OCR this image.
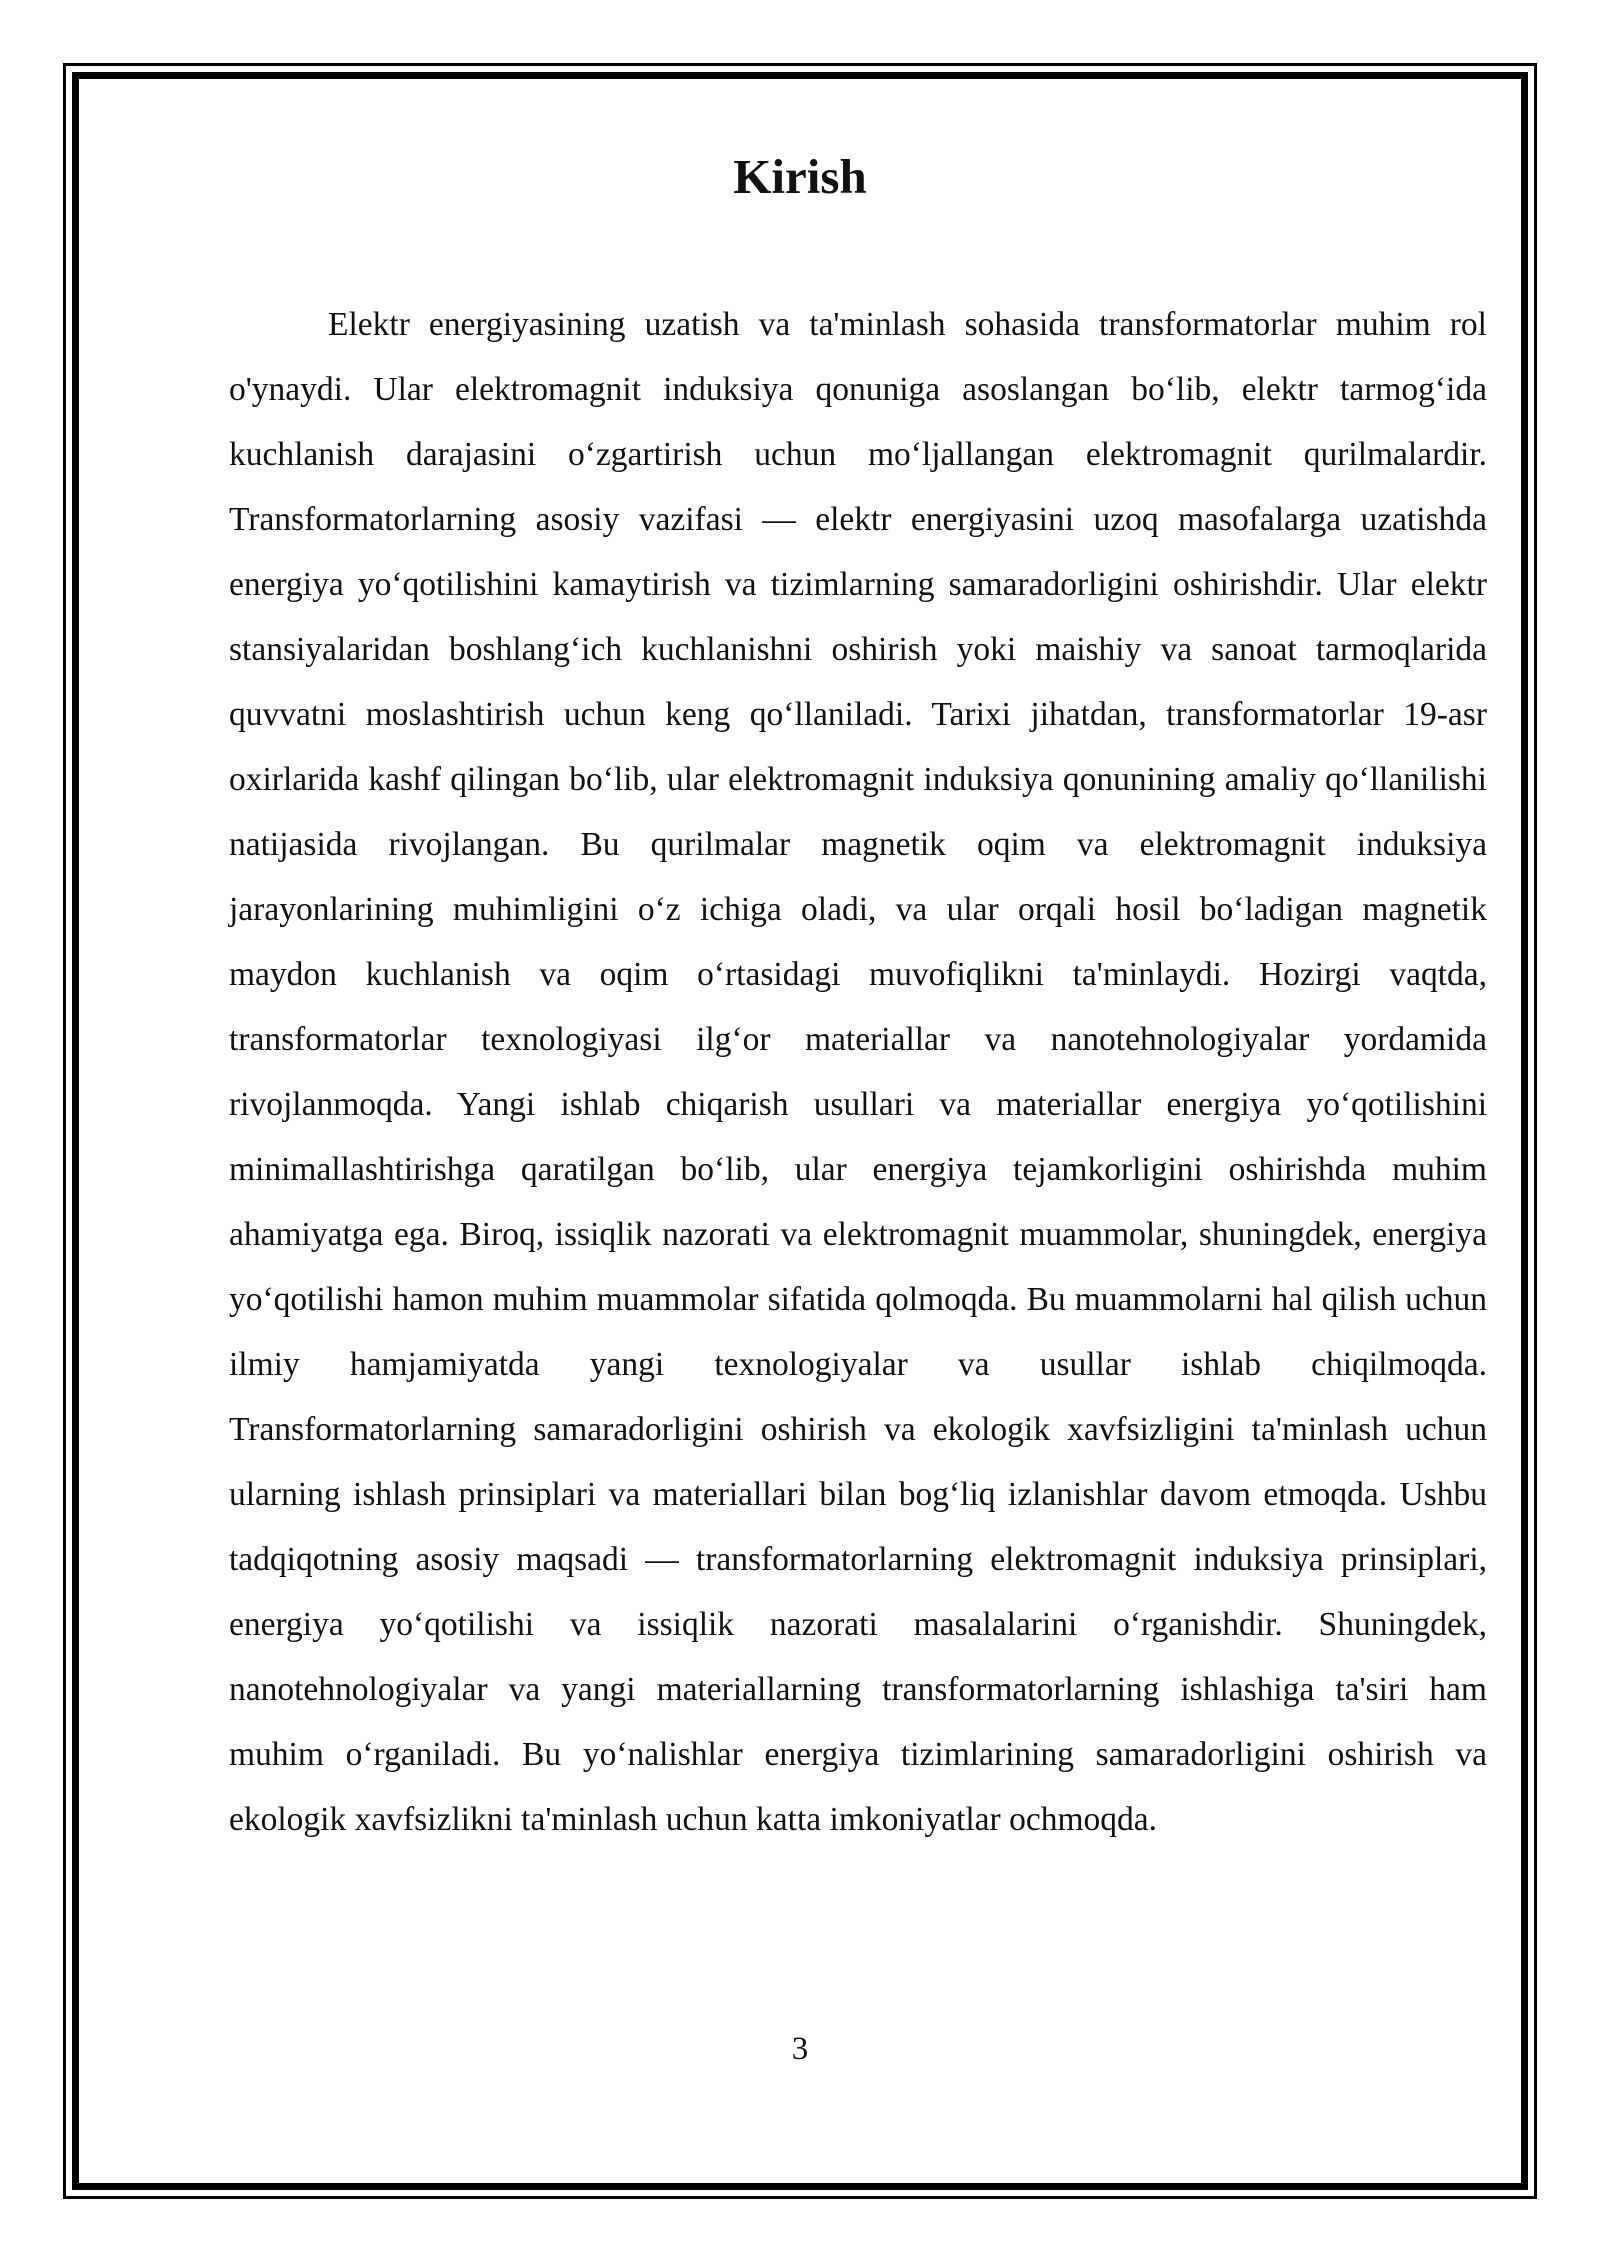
Kirish

Elektr energiyasining uzatish va ta'minlash sohasida transformatorlar muhim rol o'ynaydi. Ular elektromagnit induksiya qonuniga asoslangan bo‘lib, elektr tarmog‘ida kuchlanish darajasini o‘zgartirish uchun mo‘ljallangan elektromagnit qurilmalardir. Transformatorlarning asosiy vazifasi — elektr energiyasini uzoq masofalarga uzatishda energiya yo‘qotilishini kamaytirish va tizimlarning samaradorligini oshirishdir. Ular elektr stansiyalaridan boshlang‘ich kuchlanishni oshirish yoki maishiy va sanoat tarmoqlarida quvvatni moslashtirish uchun keng qo‘llaniladi. Tarixi jihatdan, transformatorlar 19-asr oxirlarida kashf qilingan bo‘lib, ular elektromagnit induksiya qonunining amaliy qo‘llanilishi natijasida rivojlangan. Bu qurilmalar magnetik oqim va elektromagnit induksiya jarayonlarining muhimligini o‘z ichiga oladi, va ular orqali hosil bo‘ladigan magnetik maydon kuchlanish va oqim o‘rtasidagi muvofiqlikni ta'minlaydi. Hozirgi vaqtda, transformatorlar texnologiyasi ilg‘or materiallar va nanotehnologiyalar yordamida rivojlanmoqda. Yangi ishlab chiqarish usullari va materiallar energiya yo‘qotilishini minimallashtirishga qaratilgan bo‘lib, ular energiya tejamkorligini oshirishda muhim ahamiyatga ega. Biroq, issiqlik nazorati va elektromagnit muammolar, shuningdek, energiya yo‘qotilishi hamon muhim muammolar sifatida qolmoqda. Bu muammolarni hal qilish uchun ilmiy hamjamiyatda yangi texnologiyalar va usullar ishlab chiqilmoqda. Transformatorlarning samaradorligini oshirish va ekologik xavfsizligini ta'minlash uchun ularning ishlash prinsiplari va materiallari bilan bog‘liq izlanishlar davom etmoqda. Ushbu tadqiqotning asosiy maqsadi — transformatorlarning elektromagnit induksiya prinsiplari, energiya yo‘qotilishi va issiqlik nazorati masalalarini o‘rganishdir. Shuningdek, nanotehnologiyalar va yangi materiallarning transformatorlarning ishlashiga ta'siri ham muhim o‘rganiladi. Bu yo‘nalishlar energiya tizimlarining samaradorligini oshirish va ekologik xavfsizlikni ta'minlash uchun katta imkoniyatlar ochmoqda.

3
